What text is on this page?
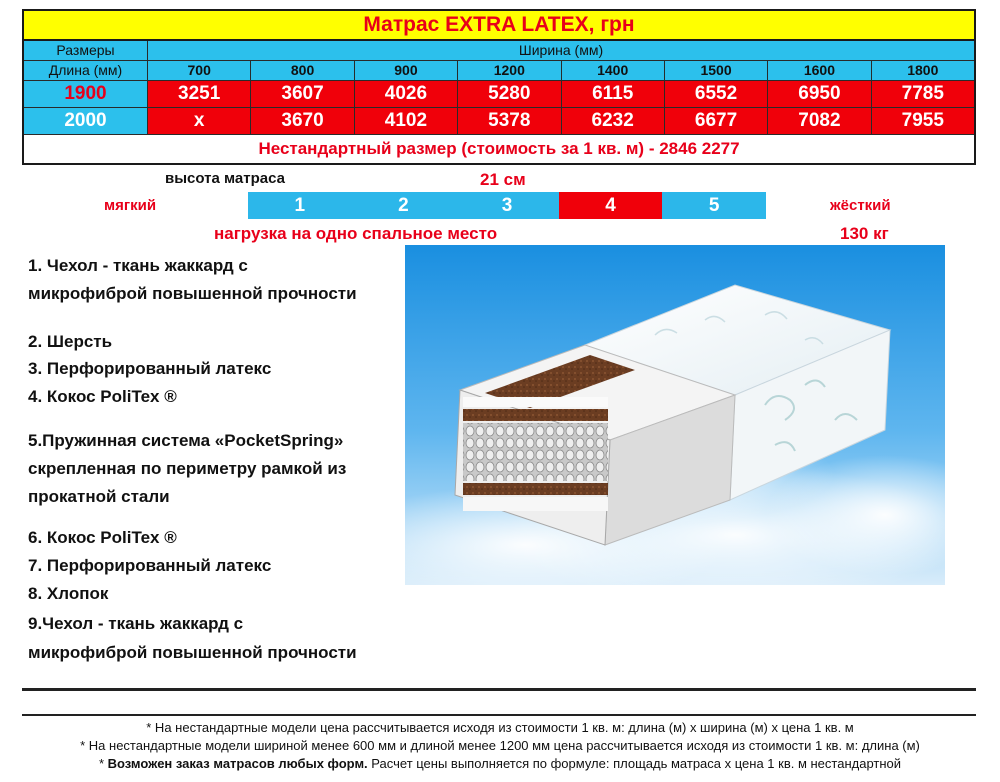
Матрас EXTRA LATEX, грн
Размеры	Ширина (мм)
Длина (мм)	700	800	900	1200	1400	1500	1600	1800
1900	3251	3607	4026	5280	6115	6552	6950	7785
2000	x	3670	4102	5378	6232	6677	7082	7955
Нестандартный размер (стоимость за 1 кв. м) - 2846 2277
высота матраса	21 см
мягкий	1	2	3	4	5	жёсткий
нагрузка на одно спальное место	130 кг
1. Чехол - ткань жаккард с
микрофиброй повышенной прочности
2. Шерсть
3. Перфорированный латекс
4. Кокос PoliTex ®
5.Пружинная система «PocketSpring»
скрепленная по периметру рамкой из
прокатной стали
6. Кокос PoliTex ®
7. Перфорированный латекс
8. Хлопок
9.Чехол - ткань жаккард с
микрофиброй повышенной прочности
* На нестандартные модели цена рассчитывается исходя из стоимости 1 кв. м: длина (м) х ширина (м) х цена 1 кв. м
* На нестандартные модели шириной менее 600 мм и длиной менее 1200 мм цена рассчитывается исходя из стоимости 1 кв. м: длина (м)
* Возможен заказ матрасов любых форм. Расчет цены выполняется по формуле: площадь матраса х цена 1 кв. м нестандартной
